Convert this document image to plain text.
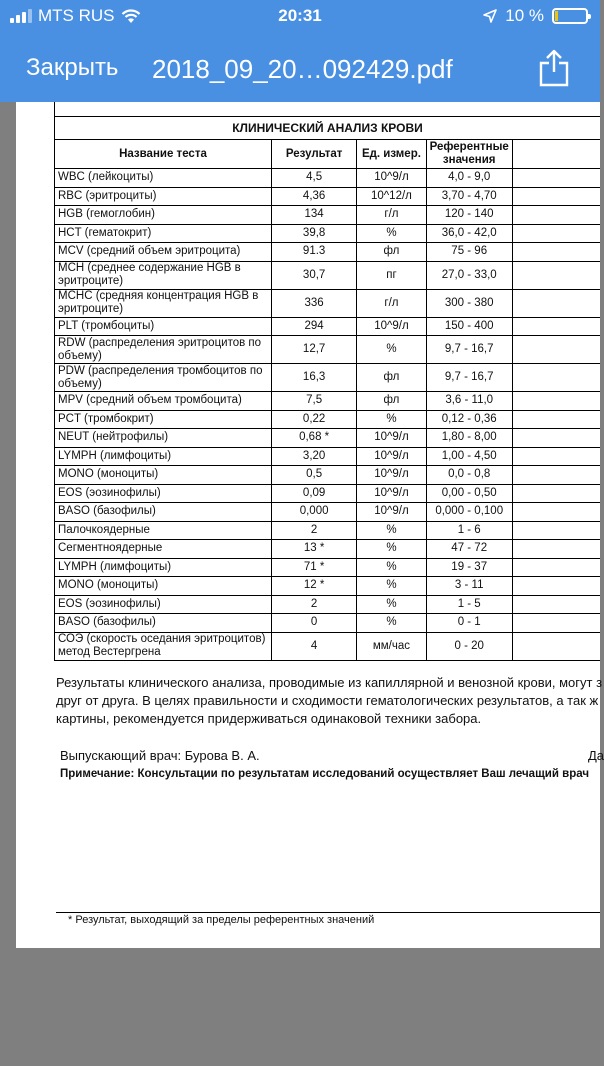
MTS RUS	20:31	10 %
Закрыть 2018_09_20…092429.pdf
КЛИНИЧЕСКИЙ АНАЛИЗ КРОВИ				
Название теста	Результат	Ед. измер.	Референтные значения	
WBC (лейкоциты)	4,5	10^9/л	4,0 - 9,0	
RBC (эритроциты)	4,36	10^12/л	3,70 - 4,70	
HGB (гемоглобин)	134	г/л	120 - 140	
HCT (гематокрит)	39,8	%	36,0 - 42,0	
MCV (средний объем эритроцита)	91.3	фл	75 - 96	
MCH (среднее содержание HGB в эритроците)	30,7	пг	27,0 - 33,0	
MCHC (средняя концентрация HGB в эритроците)	336	г/л	300 - 380	
PLT (тромбоциты)	294	10^9/л	150 - 400	
RDW (распределения эритроцитов по объему)	12,7	%	9,7 - 16,7	
PDW (распределения тромбоцитов по объему)	16,3	фл	9,7 - 16,7	
MPV (средний объем тромбоцита)	7,5	фл	3,6 - 11,0	
PCT (тромбокрит)	0,22	%	0,12 - 0,36	
NEUT (нейтрофилы)	0,68 *	10^9/л	1,80 - 8,00	
LYMPH (лимфоциты)	3,20	10^9/л	1,00 - 4,50	
MONO (моноциты)	0,5	10^9/л	0,0 - 0,8	
EOS (эозинофилы)	0,09	10^9/л	0,00 - 0,50	
BASO (базофилы)	0,000	10^9/л	0,000 - 0,100	
Палочкоядерные	2	%	1 - 6	
Сегментноядерные	13 *	%	47 - 72	
LYMPH (лимфоциты)	71 *	%	19 - 37	
MONO (моноциты)	12 *	%	3 - 11	
EOS (эозинофилы)	2	%	1 - 5	
BASO (базофилы)	0	%	0 - 1	
СОЭ (скорость оседания эритроцитов) метод Вестергрена	4	мм/час	0 - 20	
Результаты клинического анализа, проводимые из капиллярной и венозной крови, могут з
друг от друга. В целях правильности и сходимости гематологических результатов, а так ж
картины, рекомендуется придерживаться одинаковой техники забора.
Выпускающий врач: Бурова В. А.	Да
Примечание: Консультации по результатам исследований осуществляет Ваш лечащий врач
* Результат, выходящий за пределы референтных значений
